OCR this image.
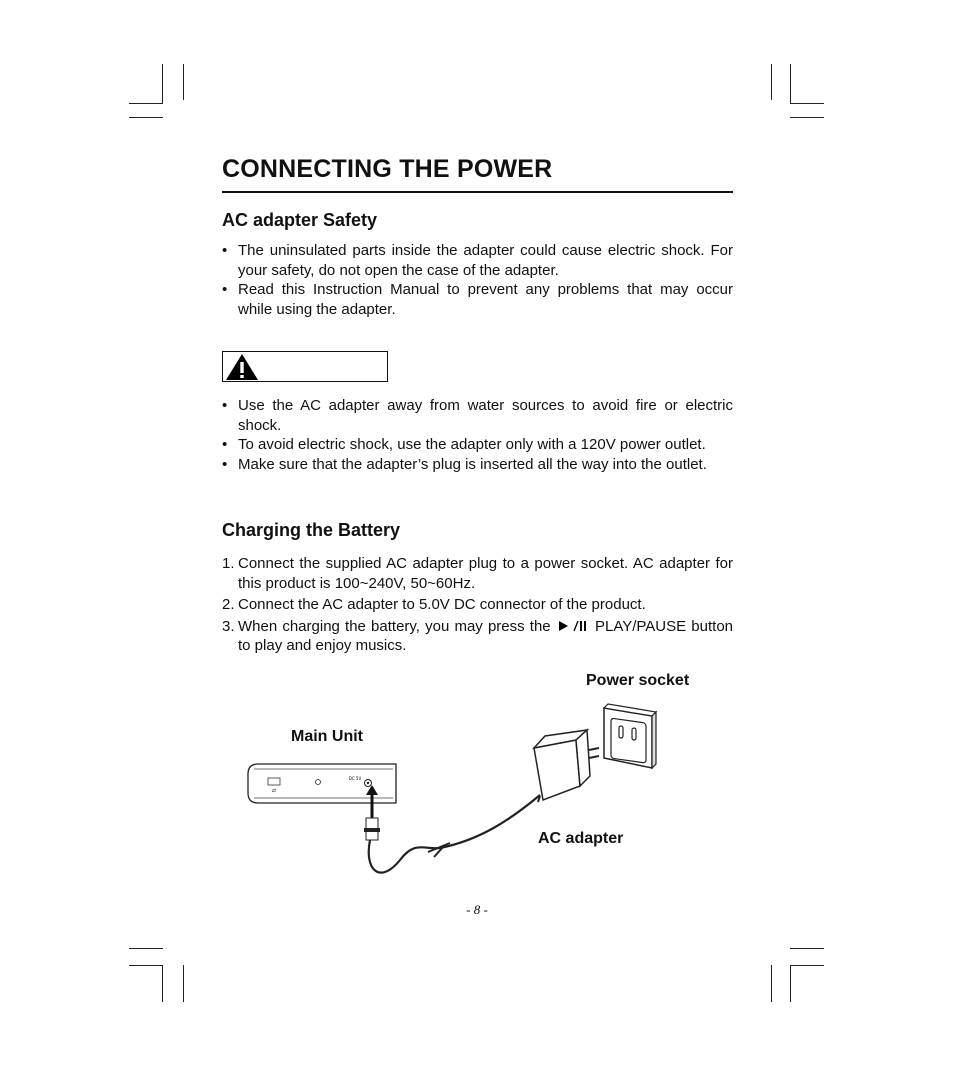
CONNECTING THE POWER
AC adapter Safety
• The uninsulated parts inside the adapter could cause electric shock. For your safety, do not open the case of the adapter.
• Read this Instruction Manual to prevent any problems that may occur while using the adapter.
• Use the AC adapter away from water sources to avoid fire or electric shock.
• To avoid electric shock, use the adapter only with a 120V power outlet.
• Make sure that the adapter’s plug is inserted all the way into the outlet.
Charging the Battery
1. Connect the supplied AC adapter plug to a power socket. AC adapter for this product is 100~240V, 50~60Hz.
2. Connect the AC adapter to 5.0V DC connector of the product.
3. When charging the battery, you may press the	PLAY/PAUSE button to play and enjoy musics.
Power socket
Main Unit
AC adapter
⇄
DC 5V
- 8 -
